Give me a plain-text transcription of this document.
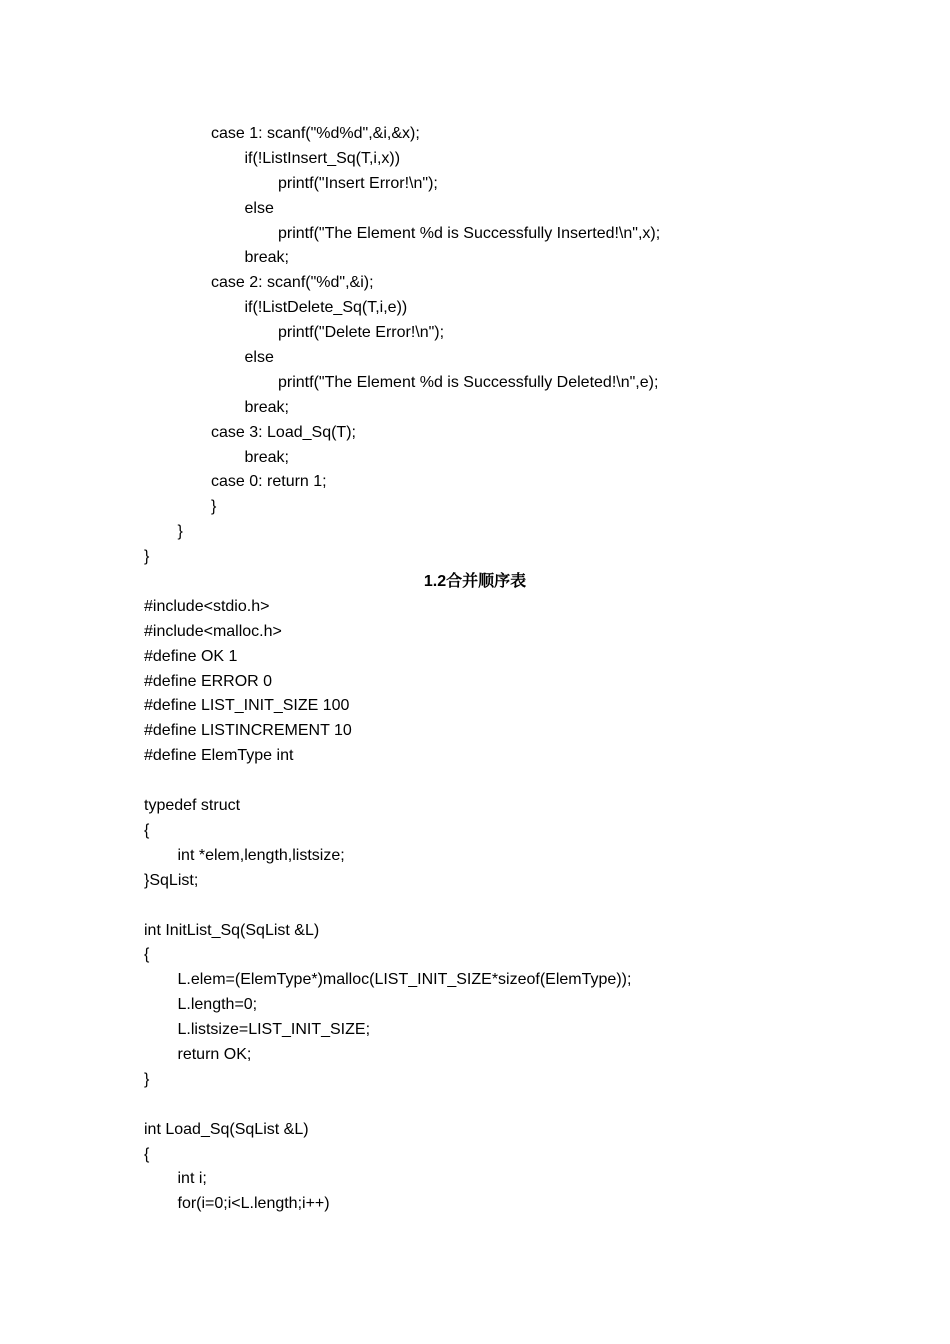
case 1: scanf("%d%d",&i,&x);
if(!ListInsert_Sq(T,i,x))
printf("Insert Error!\n");
else
printf("The Element %d is Successfully Inserted!\n",x);
break;
case 2: scanf("%d",&i);
if(!ListDelete_Sq(T,i,e))
printf("Delete Error!\n");
else
printf("The Element %d is Successfully Deleted!\n",e);
break;
case 3: Load_Sq(T);
break;
case 0: return 1;
}
}
}
1.2合并顺序表
#include<stdio.h>
#include<malloc.h>
#define OK 1
#define ERROR 0
#define LIST_INIT_SIZE 100
#define LISTINCREMENT 10
#define ElemType int
typedef struct
{
int *elem,length,listsize;
}SqList;
int InitList_Sq(SqList &L)
{
L.elem=(ElemType*)malloc(LIST_INIT_SIZE*sizeof(ElemType));
L.length=0;
L.listsize=LIST_INIT_SIZE;
return OK;
}
int Load_Sq(SqList &L)
{
int i;
for(i=0;i<L.length;i++)
